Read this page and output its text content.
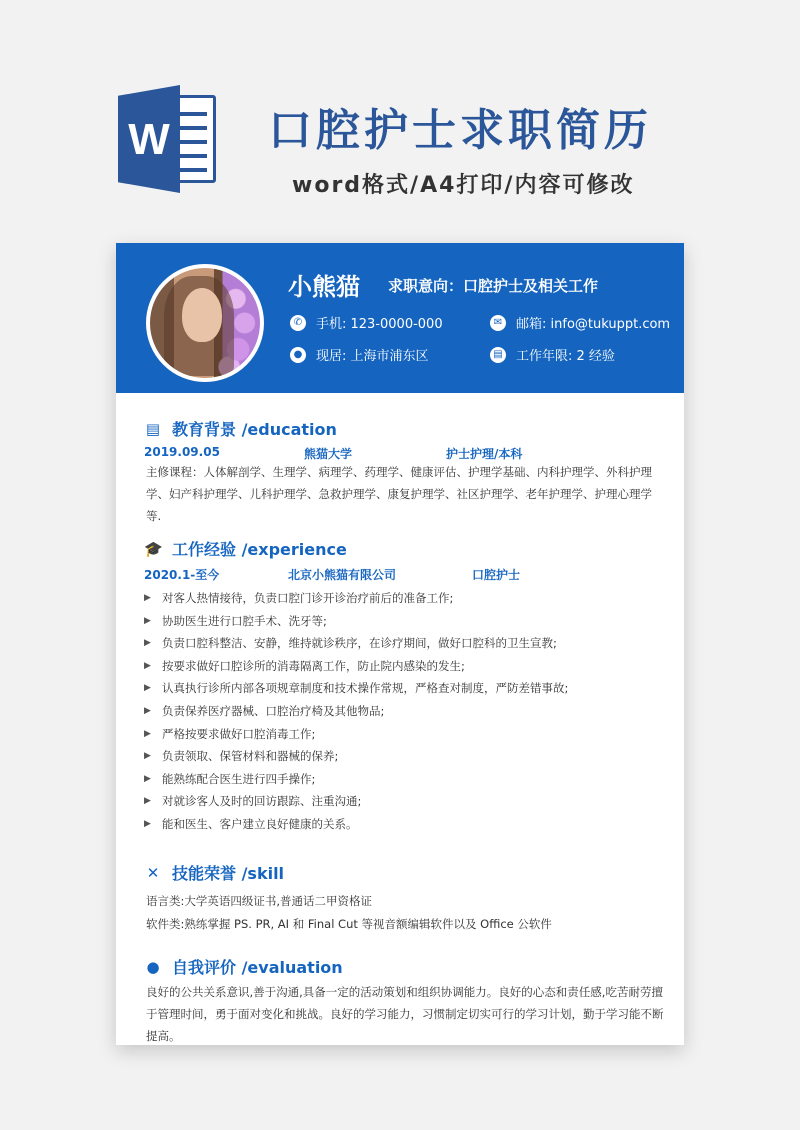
W 口腔护士求职简历
word格式/A4打印/内容可修改
小熊猫 求职意向：口腔护士及相关工作
✆ 手机: 123-0000-000	✉ 邮箱: info@tukuppt.com
● 现居: 上海市浦东区	▤ 工作年限: 2 经验
▤ 教育背景 /education
2019.09.05	熊猫大学	护士护理/本科
主修课程：人体解剖学、生理学、病理学、药理学、健康评估、护理学基础、内科护理学、外科护理学、妇产科护理学、儿科护理学、急救护理学、康复护理学、社区护理学、老年护理学、护理心理学等.
🎓 工作经验 /experience
2020.1-至今	北京小熊猫有限公司	口腔护士
▶ 对客人热情接待，负责口腔门诊开诊治疗前后的准备工作;
▶ 协助医生进行口腔手术、洗牙等;
▶ 负责口腔科整洁、安静，维持就诊秩序，在诊疗期间，做好口腔科的卫生宣教;
▶ 按要求做好口腔诊所的消毒隔离工作，防止院内感染的发生;
▶ 认真执行诊所内部各项规章制度和技术操作常规，严格查对制度，严防差错事故;
▶ 负责保养医疗器械、口腔治疗椅及其他物品;
▶ 严格按要求做好口腔消毒工作;
▶ 负责领取、保管材料和器械的保养;
▶ 能熟练配合医生进行四手操作;
▶ 对就诊客人及时的回访跟踪、注重沟通;
▶ 能和医生、客户建立良好健康的关系。
✕ 技能荣誉 /skill
语言类:大学英语四级证书,普通话二甲资格证
软件类:熟练掌握 PS. PR, AI 和 Final Cut 等视音额编辑软件以及 Office 公软件
● 自我评价 /evaluation
良好的公共关系意识,善于沟通,具备一定的活动策划和组织协调能力。良好的心态和责任感,吃苦耐劳擅于管理时间，勇于面对变化和挑战。良好的学习能力，习惯制定切实可行的学习计划，勤于学习能不断提高。
